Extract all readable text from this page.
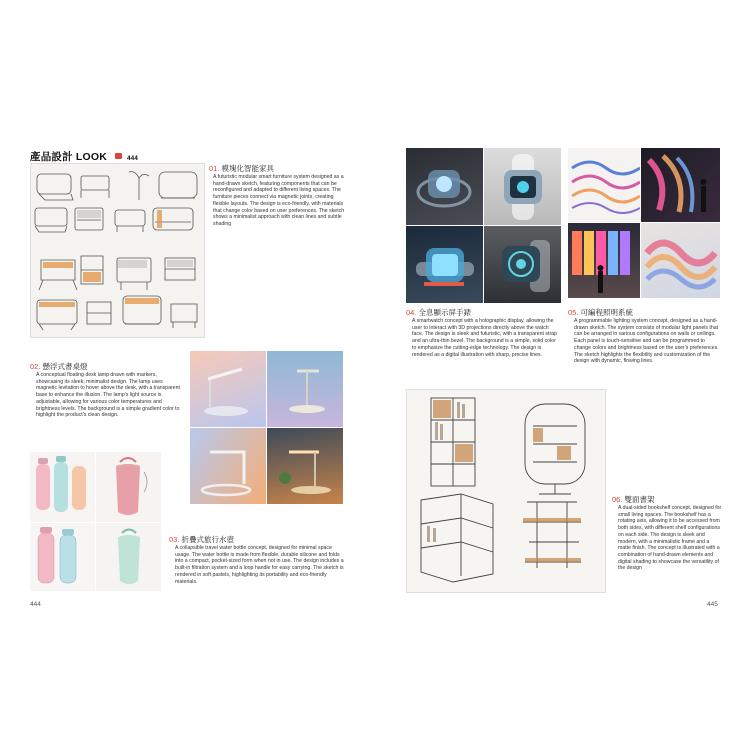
產品設計 LOOK	444
01. 模塊化智能家具
A futuristic modular smart furniture system designed as a hand-drawn sketch, featuring components that can be reconfigured and adapted to different living spaces. The furniture pieces connect via magnetic joints, creating flexible layouts. The design is eco-friendly, with materials that change color based on user preferences. The sketch shows a minimalist approach with clean lines and subtle shading
02. 懸浮式書桌燈
A conceptual floating desk lamp drawn with markers, showcasing its sleek, minimalist design. The lamp uses magnetic levitation to hover above the desk, with a transparent base to enhance the illusion. The lamp's light source is adjustable, allowing for various color temperatures and brightness levels. The background is a simple gradient color to highlight the product's clean design.
03. 折疊式旅行水壺
A collapsible travel water bottle concept, designed for minimal space usage. The water bottle is made from flexible, durable silicone and folds into a compact, pocket-sized form when not in use. The design includes a built-in filtration system and a loop handle for easy carrying. The sketch is rendered in soft pastels, highlighting its portability and eco-friendly materials.
04. 全息顯示屏手錶
A smartwatch concept with a holographic display, allowing the user to interact with 3D projections directly above the watch face. The design is sleek and futuristic, with a transparent strap and an ultra-thin bezel. The background is a simple, solid color to emphasize the cutting-edge technology. The design is rendered as a digital illustration with sharp, precise lines.
05. 可編程照明系統
A programmable lighting system concept, designed as a hand-drawn sketch. The system consists of modular light panels that can be arranged in various configurations on walls or ceilings. Each panel is touch-sensitive and can be programmed to change colors and brightness based on the user's preferences. The sketch highlights the flexibility and customization of the design with dynamic, flowing lines.
06. 雙面書架
A dual-sided bookshelf concept, designed for small living spaces. The bookshelf has a rotating axis, allowing it to be accessed from both sides, with different shelf configurations on each side. The design is sleek and modern, with a minimalistic frame and a matte finish. The concept is illustrated with a combination of hand-drawn elements and digital shading to showcase the versatility of the design
444	445
